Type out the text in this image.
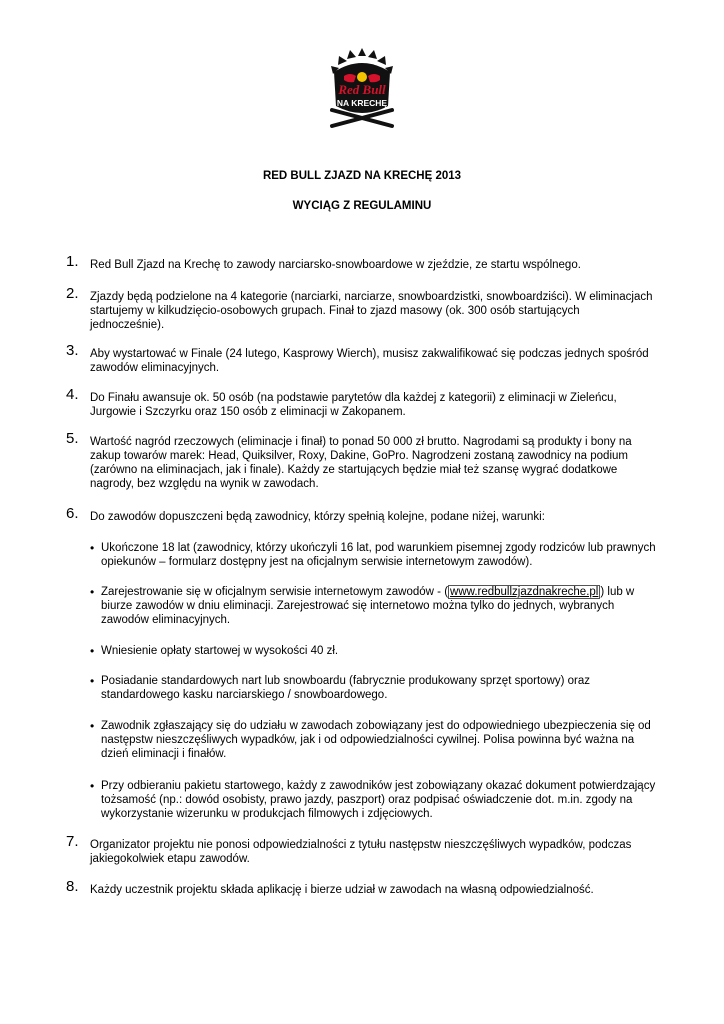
Red Bull
NA KRECHĘ
RED BULL ZJAZD NA KRECHĘ 2013
WYCIĄG Z REGULAMINU
1. Red Bull Zjazd na Krechę to zawody narciarsko-snowboardowe w zjeździe, ze startu wspólnego.
2. Zjazdy będą podzielone na 4 kategorie (narciarki, narciarze, snowboardzistki, snowboardziści). W eliminacjach startujemy w kilkudzięcio-osobowych grupach. Finał to zjazd masowy (ok. 300 osób startujących jednocześnie).
3. Aby wystartować w Finale (24 lutego, Kasprowy Wierch), musisz zakwalifikować się podczas jednych spośród zawodów eliminacyjnych.
4. Do Finału awansuje ok. 50 osób (na podstawie parytetów dla każdej z kategorii) z eliminacji w Zieleńcu, Jurgowie i Szczyrku oraz 150 osób z eliminacji w Zakopanem.
5. Wartość nagród rzeczowych (eliminacje i finał) to ponad 50 000 zł brutto. Nagrodami są produkty i bony na zakup towarów marek: Head, Quiksilver, Roxy, Dakine, GoPro. Nagrodzeni zostaną zawodnicy na podium (zarówno na eliminacjach, jak i finale). Każdy ze startujących będzie miał też szansę wygrać dodatkowe nagrody, bez względu na wynik w zawodach.
6. Do zawodów dopuszczeni będą zawodnicy, którzy spełnią kolejne, podane niżej, warunki:
• Ukończone 18 lat (zawodnicy, którzy ukończyli 16 lat, pod warunkiem pisemnej zgody rodziców lub prawnych opiekunów – formularz dostępny jest na oficjalnym serwisie internetowym zawodów).
• Zarejestrowanie się w oficjalnym serwisie internetowym zawodów - ( www.redbullzjazdnakreche.pl ) lub w biurze zawodów w dniu eliminacji. Zarejestrować się internetowo można tylko do jednych, wybranych zawodów eliminacyjnych.
• Wniesienie opłaty startowej w wysokości 40 zł.
• Posiadanie standardowych nart lub snowboardu (fabrycznie produkowany sprzęt sportowy) oraz standardowego kasku narciarskiego / snowboardowego.
• Zawodnik zgłaszający się do udziału w zawodach zobowiązany jest do odpowiedniego ubezpieczenia się od następstw nieszczęśliwych wypadków, jak i od odpowiedzialności cywilnej. Polisa powinna być ważna na dzień eliminacji i finałów.
• Przy odbieraniu pakietu startowego, każdy z zawodników jest zobowiązany okazać dokument potwierdzający tożsamość (np.: dowód osobisty, prawo jazdy, paszport) oraz podpisać oświadczenie dot. m.in. zgody na wykorzystanie wizerunku w produkcjach filmowych i zdjęciowych.
7. Organizator projektu nie ponosi odpowiedzialności z tytułu następstw nieszczęśliwych wypadków, podczas jakiegokolwiek etapu zawodów.
8. Każdy uczestnik projektu składa aplikację i bierze udział w zawodach na własną odpowiedzialność.
